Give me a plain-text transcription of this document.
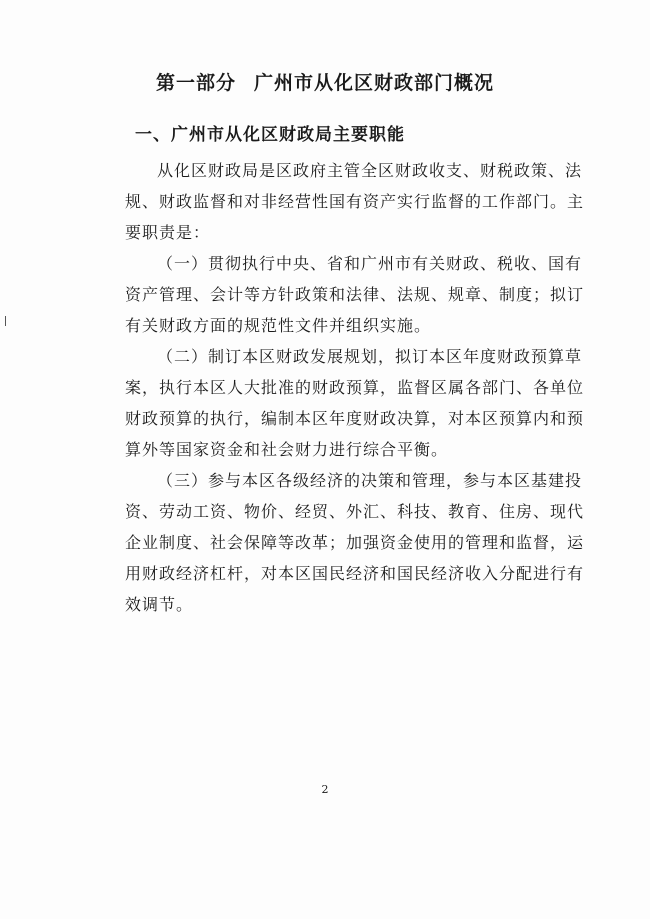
第一部分 广州市从化区财政部门概况
一、广州市从化区财政局主要职能

从化区财政局是区政府主管全区财政收支、财税政策、法

规、财政监督和对非经营性国有资产实行监督的工作部门。主

要职责是：

（一）贯彻执行中央、省和广州市有关财政、税收、国有

资产管理、会计等方针政策和法律、法规、规章、制度；拟订

有关财政方面的规范性文件并组织实施。

（二）制订本区财政发展规划，拟订本区年度财政预算草

案，执行本区人大批准的财政预算，监督区属各部门、各单位

财政预算的执行，编制本区年度财政决算，对本区预算内和预

算外等国家资金和社会财力进行综合平衡。

（三）参与本区各级经济的决策和管理，参与本区基建投

资、劳动工资、物价、经贸、外汇、科技、教育、住房、现代

企业制度、社会保障等改革；加强资金使用的管理和监督，运

用财政经济杠杆，对本区国民经济和国民经济收入分配进行有

效调节。

2
